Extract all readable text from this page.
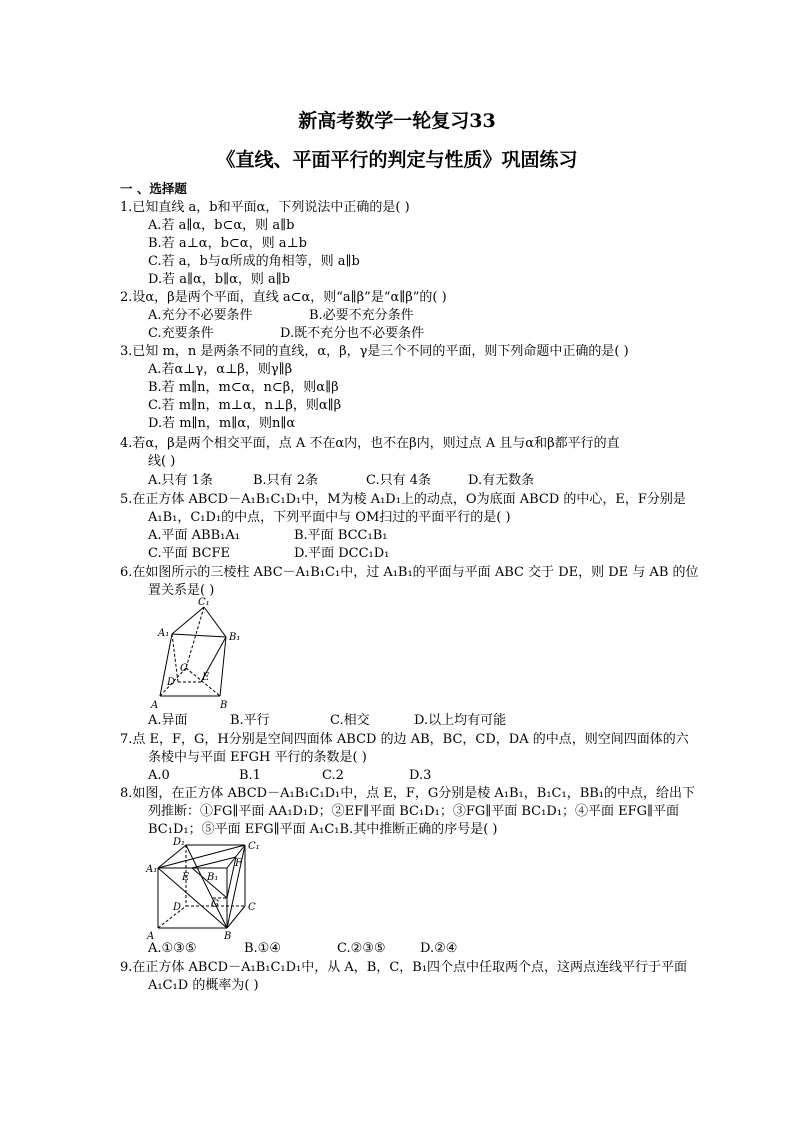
新高考数学一轮复习33
《直线、平面平行的判定与性质》巩固练习
一 、选择题
1.已知直线 a，b和平面α，下列说法中正确的是( )
A.若 a∥α，b⊂α，则 a∥b
B.若 a⊥α，b⊂α，则 a⊥b
C.若 a，b与α所成的角相等，则 a∥b
D.若 a∥α，b∥α，则 a∥b
2.设α，β是两个平面，直线 a⊂α，则“a∥β”是“α∥β”的( )
A.充分不必要条件	B.必要不充分条件
C.充要条件	D.既不充分也不必要条件
3.已知 m，n 是两条不同的直线，α，β，γ是三个不同的平面，则下列命题中正确的是( )
A.若α⊥γ，α⊥β，则γ∥β
B.若 m∥n，m⊂α，n⊂β，则α∥β
C.若 m∥n，m⊥α，n⊥β，则α∥β
D.若 m∥n，m∥α，则n∥α
4.若α，β是两个相交平面，点 A 不在α内，也不在β内，则过点 A 且与α和β都平行的直
线( )
A.只有 1条	B.只有 2条	C.只有 4条	D.有无数条
5.在正方体 ABCD－A₁B₁C₁D₁中，M为棱 A₁D₁上的动点，O为底面 ABCD 的中心，E，F分别是
A₁B₁，C₁D₁的中点，下列平面中与 OM扫过的平面平行的是( )
A.平面 ABB₁A₁	B.平面 BCC₁B₁
C.平面 BCFE	D.平面 DCC₁D₁
6.在如图所示的三棱柱 ABC－A₁B₁C₁中，过 A₁B₁的平面与平面 ABC 交于 DE，则 DE 与 AB 的位
置关系是( )
A	B
C
D	E
A₁	B₁
C₁
A.异面	B.平行	C.相交	D.以上均有可能
7.点 E，F，G，H分别是空间四面体 ABCD 的边 AB，BC，CD，DA 的中点，则空间四面体的六
条棱中与平面 EFGH 平行的条数是( )
A.0	B.1	C.2	D.3
8.如图，在正方体 ABCD－A₁B₁C₁D₁中，点 E，F，G分别是棱 A₁B₁，B₁C₁，BB₁的中点，给出下
列推断：①FG∥平面 AA₁D₁D；②EF∥平面 BC₁D₁；③FG∥平面 BC₁D₁；④平面 EFG∥平面
BC₁D₁；⑤平面 EFG∥平面 A₁C₁B.其中推断正确的序号是( )
A	B
C
D
E
F
G
A₁
B₁
C₁
D₁
A.①③⑤	B.①④	C.②③⑤	D.②④
9.在正方体 ABCD－A₁B₁C₁D₁中，从 A，B，C，B₁四个点中任取两个点，这两点连线平行于平面
A₁C₁D 的概率为( )
